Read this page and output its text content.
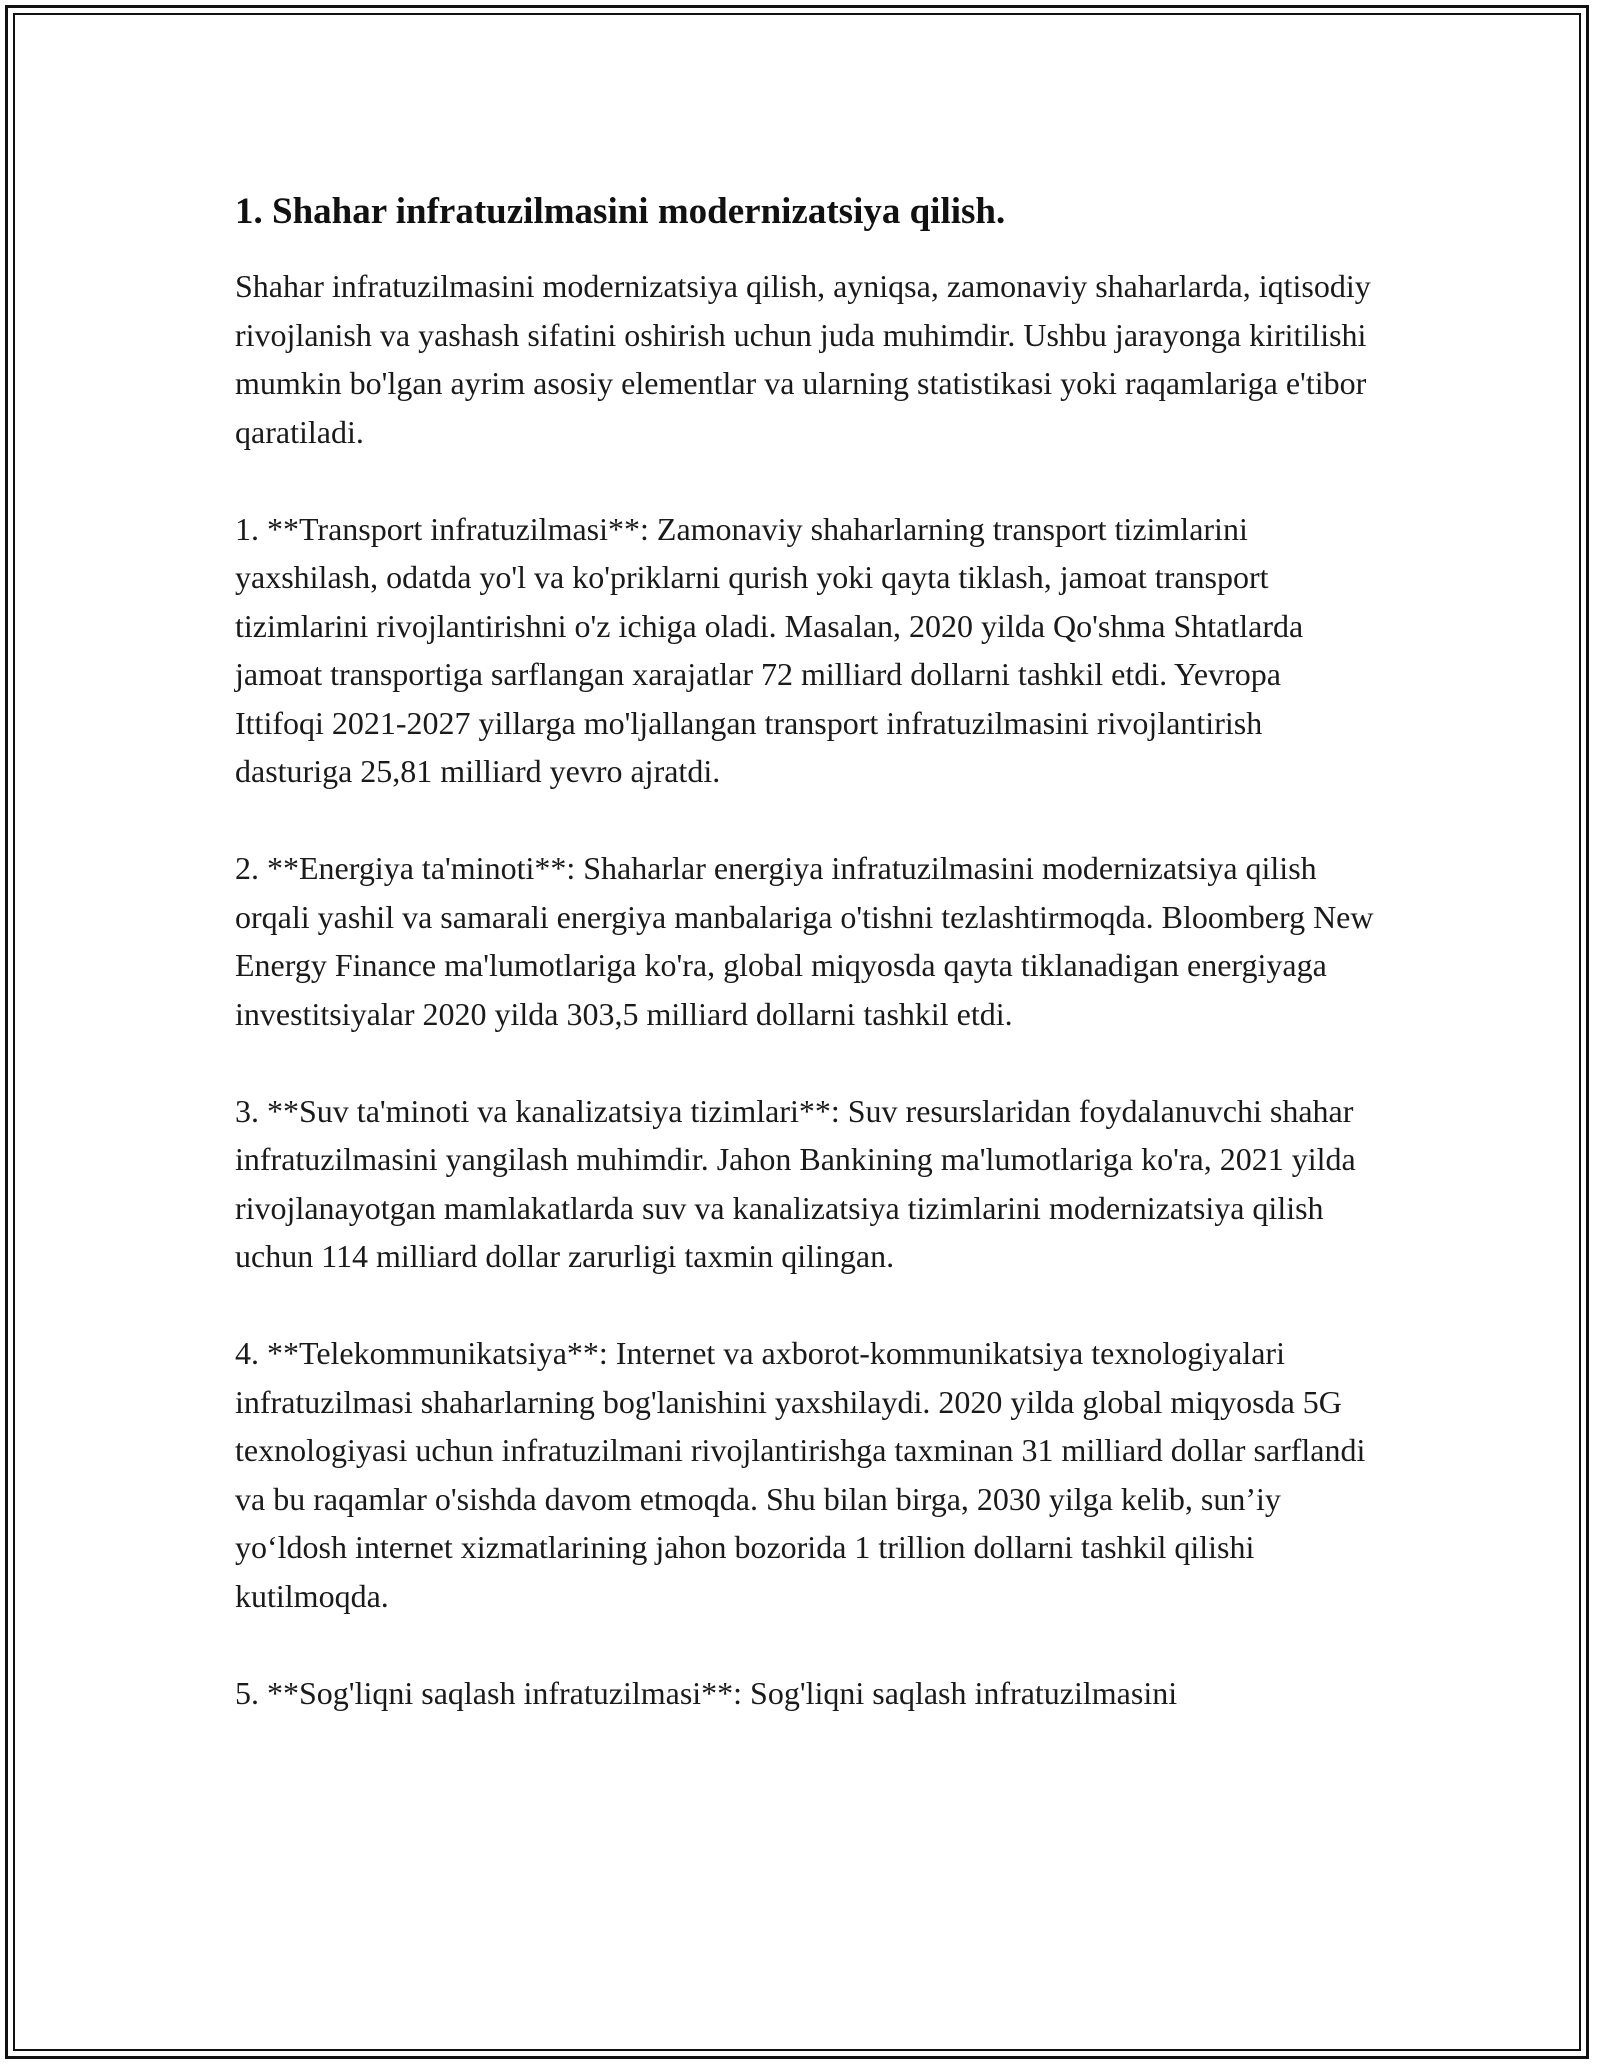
1. Shahar infratuzilmasini modernizatsiya qilish.

Shahar infratuzilmasini modernizatsiya qilish, ayniqsa, zamonaviy shaharlarda, iqtisodiy rivojlanish va yashash sifatini oshirish uchun juda muhimdir. Ushbu jarayonga kiritilishi mumkin bo'lgan ayrim asosiy elementlar va ularning statistikasi yoki raqamlariga e'tibor qaratiladi.

1. **Transport infratuzilmasi**: Zamonaviy shaharlarning transport tizimlarini yaxshilash, odatda yo'l va ko'priklarni qurish yoki qayta tiklash, jamoat transport tizimlarini rivojlantirishni o'z ichiga oladi. Masalan, 2020 yilda Qo'shma Shtatlarda jamoat transportiga sarflangan xarajatlar 72 milliard dollarni tashkil etdi. Yevropa Ittifoqi 2021-2027 yillarga mo'ljallangan transport infratuzilmasini rivojlantirish dasturiga 25,81 milliard yevro ajratdi.

2. **Energiya ta'minoti**: Shaharlar energiya infratuzilmasini modernizatsiya qilish orqali yashil va samarali energiya manbalariga o'tishni tezlashtirmoqda. Bloomberg New Energy Finance ma'lumotlariga ko'ra, global miqyosda qayta tiklanadigan energiyaga investitsiyalar 2020 yilda 303,5 milliard dollarni tashkil etdi.

3. **Suv ta'minoti va kanalizatsiya tizimlari**: Suv resurslaridan foydalanuvchi shahar infratuzilmasini yangilash muhimdir. Jahon Bankining ma'lumotlariga ko'ra, 2021 yilda rivojlanayotgan mamlakatlarda suv va kanalizatsiya tizimlarini modernizatsiya qilish uchun 114 milliard dollar zarurligi taxmin qilingan.

4. **Telekommunikatsiya**: Internet va axborot-kommunikatsiya texnologiyalari infratuzilmasi shaharlarning bog'lanishini yaxshilaydi. 2020 yilda global miqyosda 5G texnologiyasi uchun infratuzilmani rivojlantirishga taxminan 31 milliard dollar sarflandi va bu raqamlar o'sishda davom etmoqda. Shu bilan birga, 2030 yilga kelib, sun’iy yo‘ldosh internet xizmatlarining jahon bozorida 1 trillion dollarni tashkil qilishi kutilmoqda.

5. **Sog'liqni saqlash infratuzilmasi**: Sog'liqni saqlash infratuzilmasini
